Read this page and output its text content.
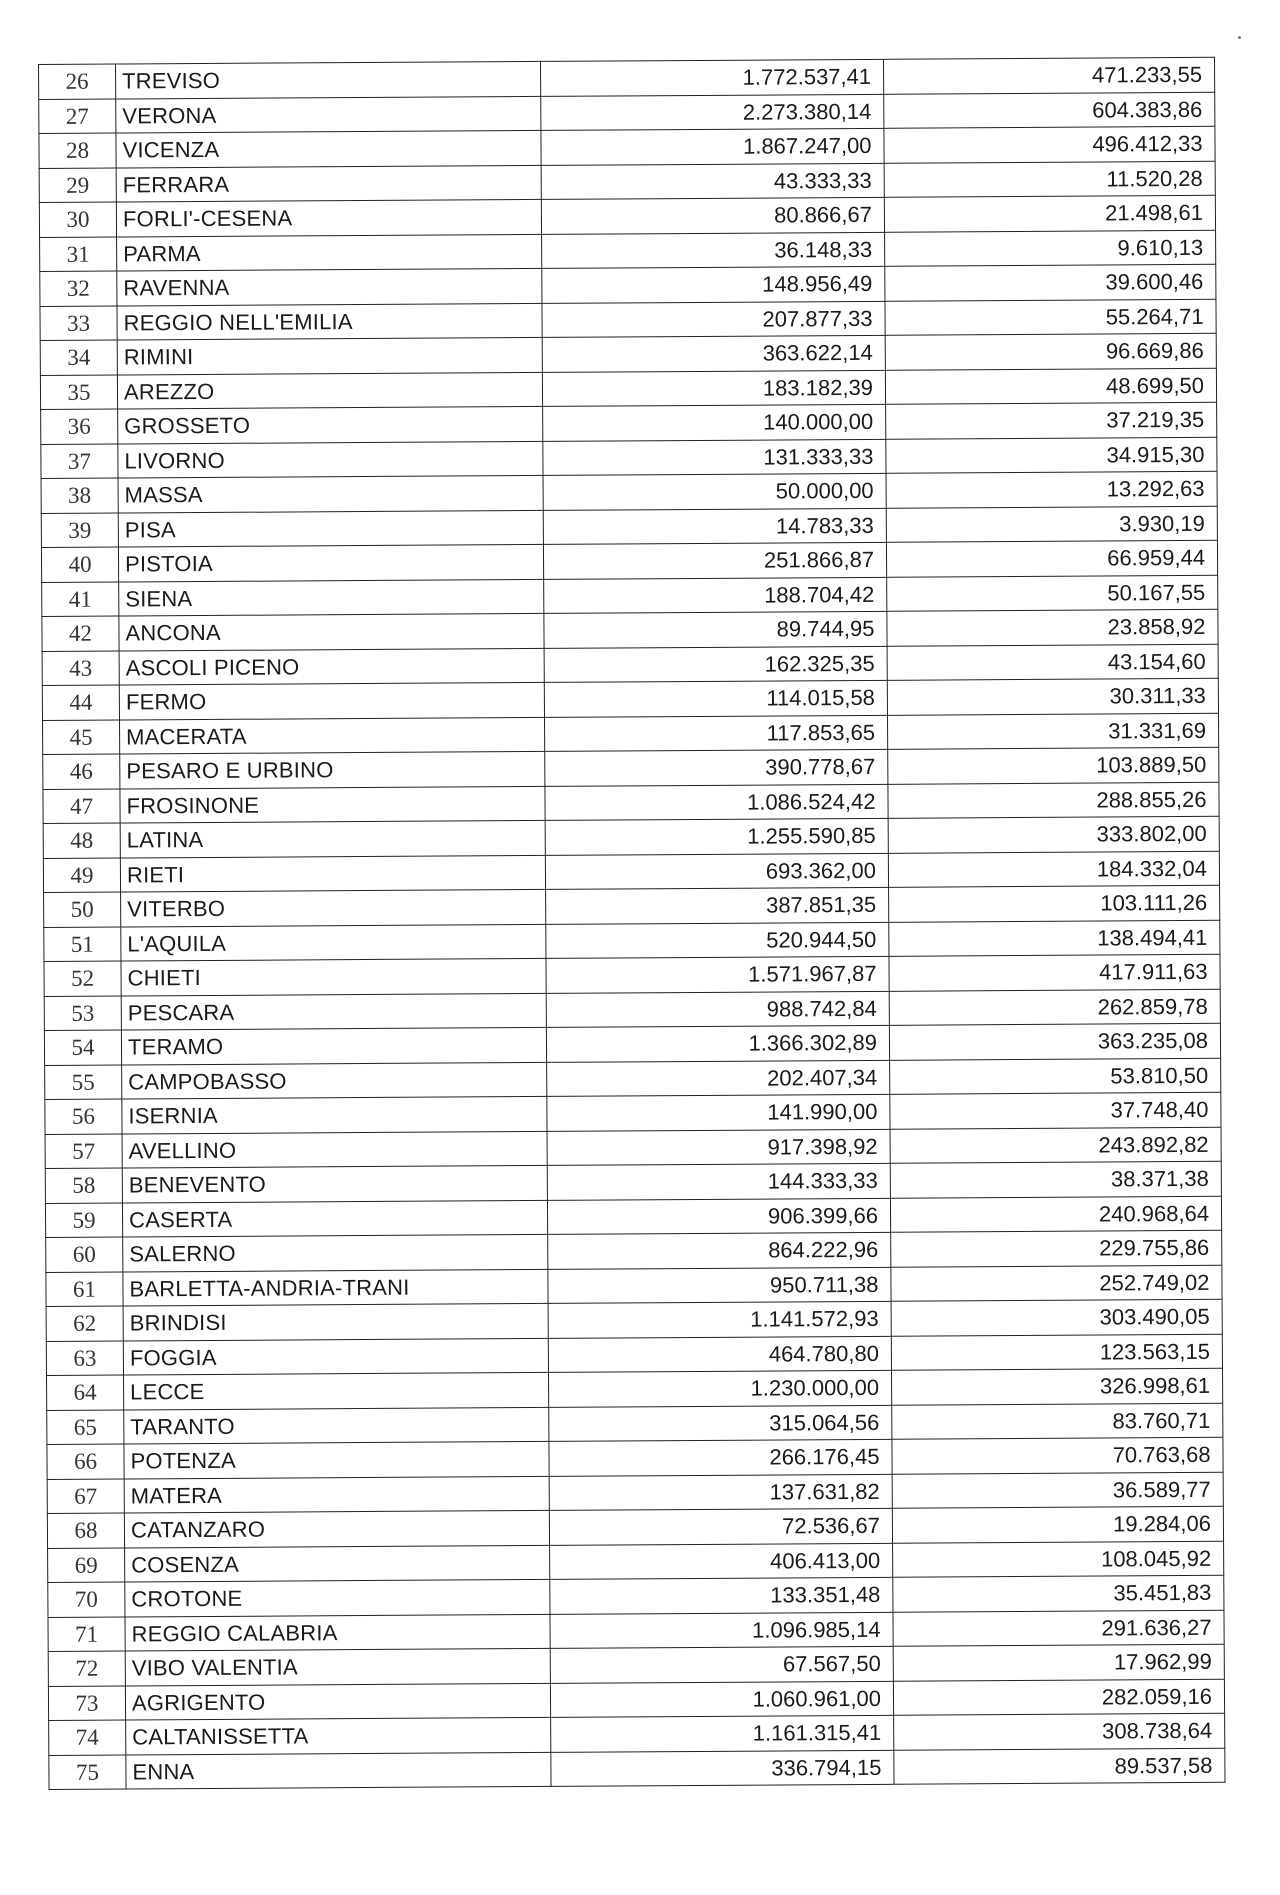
26	TREVISO	1.772.537,41	471.233,55
27	VERONA	2.273.380,14	604.383,86
28	VICENZA	1.867.247,00	496.412,33
29	FERRARA	43.333,33	11.520,28
30	FORLI'-CESENA	80.866,67	21.498,61
31	PARMA	36.148,33	9.610,13
32	RAVENNA	148.956,49	39.600,46
33	REGGIO NELL'EMILIA	207.877,33	55.264,71
34	RIMINI	363.622,14	96.669,86
35	AREZZO	183.182,39	48.699,50
36	GROSSETO	140.000,00	37.219,35
37	LIVORNO	131.333,33	34.915,30
38	MASSA	50.000,00	13.292,63
39	PISA	14.783,33	3.930,19
40	PISTOIA	251.866,87	66.959,44
41	SIENA	188.704,42	50.167,55
42	ANCONA	89.744,95	23.858,92
43	ASCOLI PICENO	162.325,35	43.154,60
44	FERMO	114.015,58	30.311,33
45	MACERATA	117.853,65	31.331,69
46	PESARO E URBINO	390.778,67	103.889,50
47	FROSINONE	1.086.524,42	288.855,26
48	LATINA	1.255.590,85	333.802,00
49	RIETI	693.362,00	184.332,04
50	VITERBO	387.851,35	103.111,26
51	L'AQUILA	520.944,50	138.494,41
52	CHIETI	1.571.967,87	417.911,63
53	PESCARA	988.742,84	262.859,78
54	TERAMO	1.366.302,89	363.235,08
55	CAMPOBASSO	202.407,34	53.810,50
56	ISERNIA	141.990,00	37.748,40
57	AVELLINO	917.398,92	243.892,82
58	BENEVENTO	144.333,33	38.371,38
59	CASERTA	906.399,66	240.968,64
60	SALERNO	864.222,96	229.755,86
61	BARLETTA-ANDRIA-TRANI	950.711,38	252.749,02
62	BRINDISI	1.141.572,93	303.490,05
63	FOGGIA	464.780,80	123.563,15
64	LECCE	1.230.000,00	326.998,61
65	TARANTO	315.064,56	83.760,71
66	POTENZA	266.176,45	70.763,68
67	MATERA	137.631,82	36.589,77
68	CATANZARO	72.536,67	19.284,06
69	COSENZA	406.413,00	108.045,92
70	CROTONE	133.351,48	35.451,83
71	REGGIO CALABRIA	1.096.985,14	291.636,27
72	VIBO VALENTIA	67.567,50	17.962,99
73	AGRIGENTO	1.060.961,00	282.059,16
74	CALTANISSETTA	1.161.315,41	308.738,64
75	ENNA	336.794,15	89.537,58
